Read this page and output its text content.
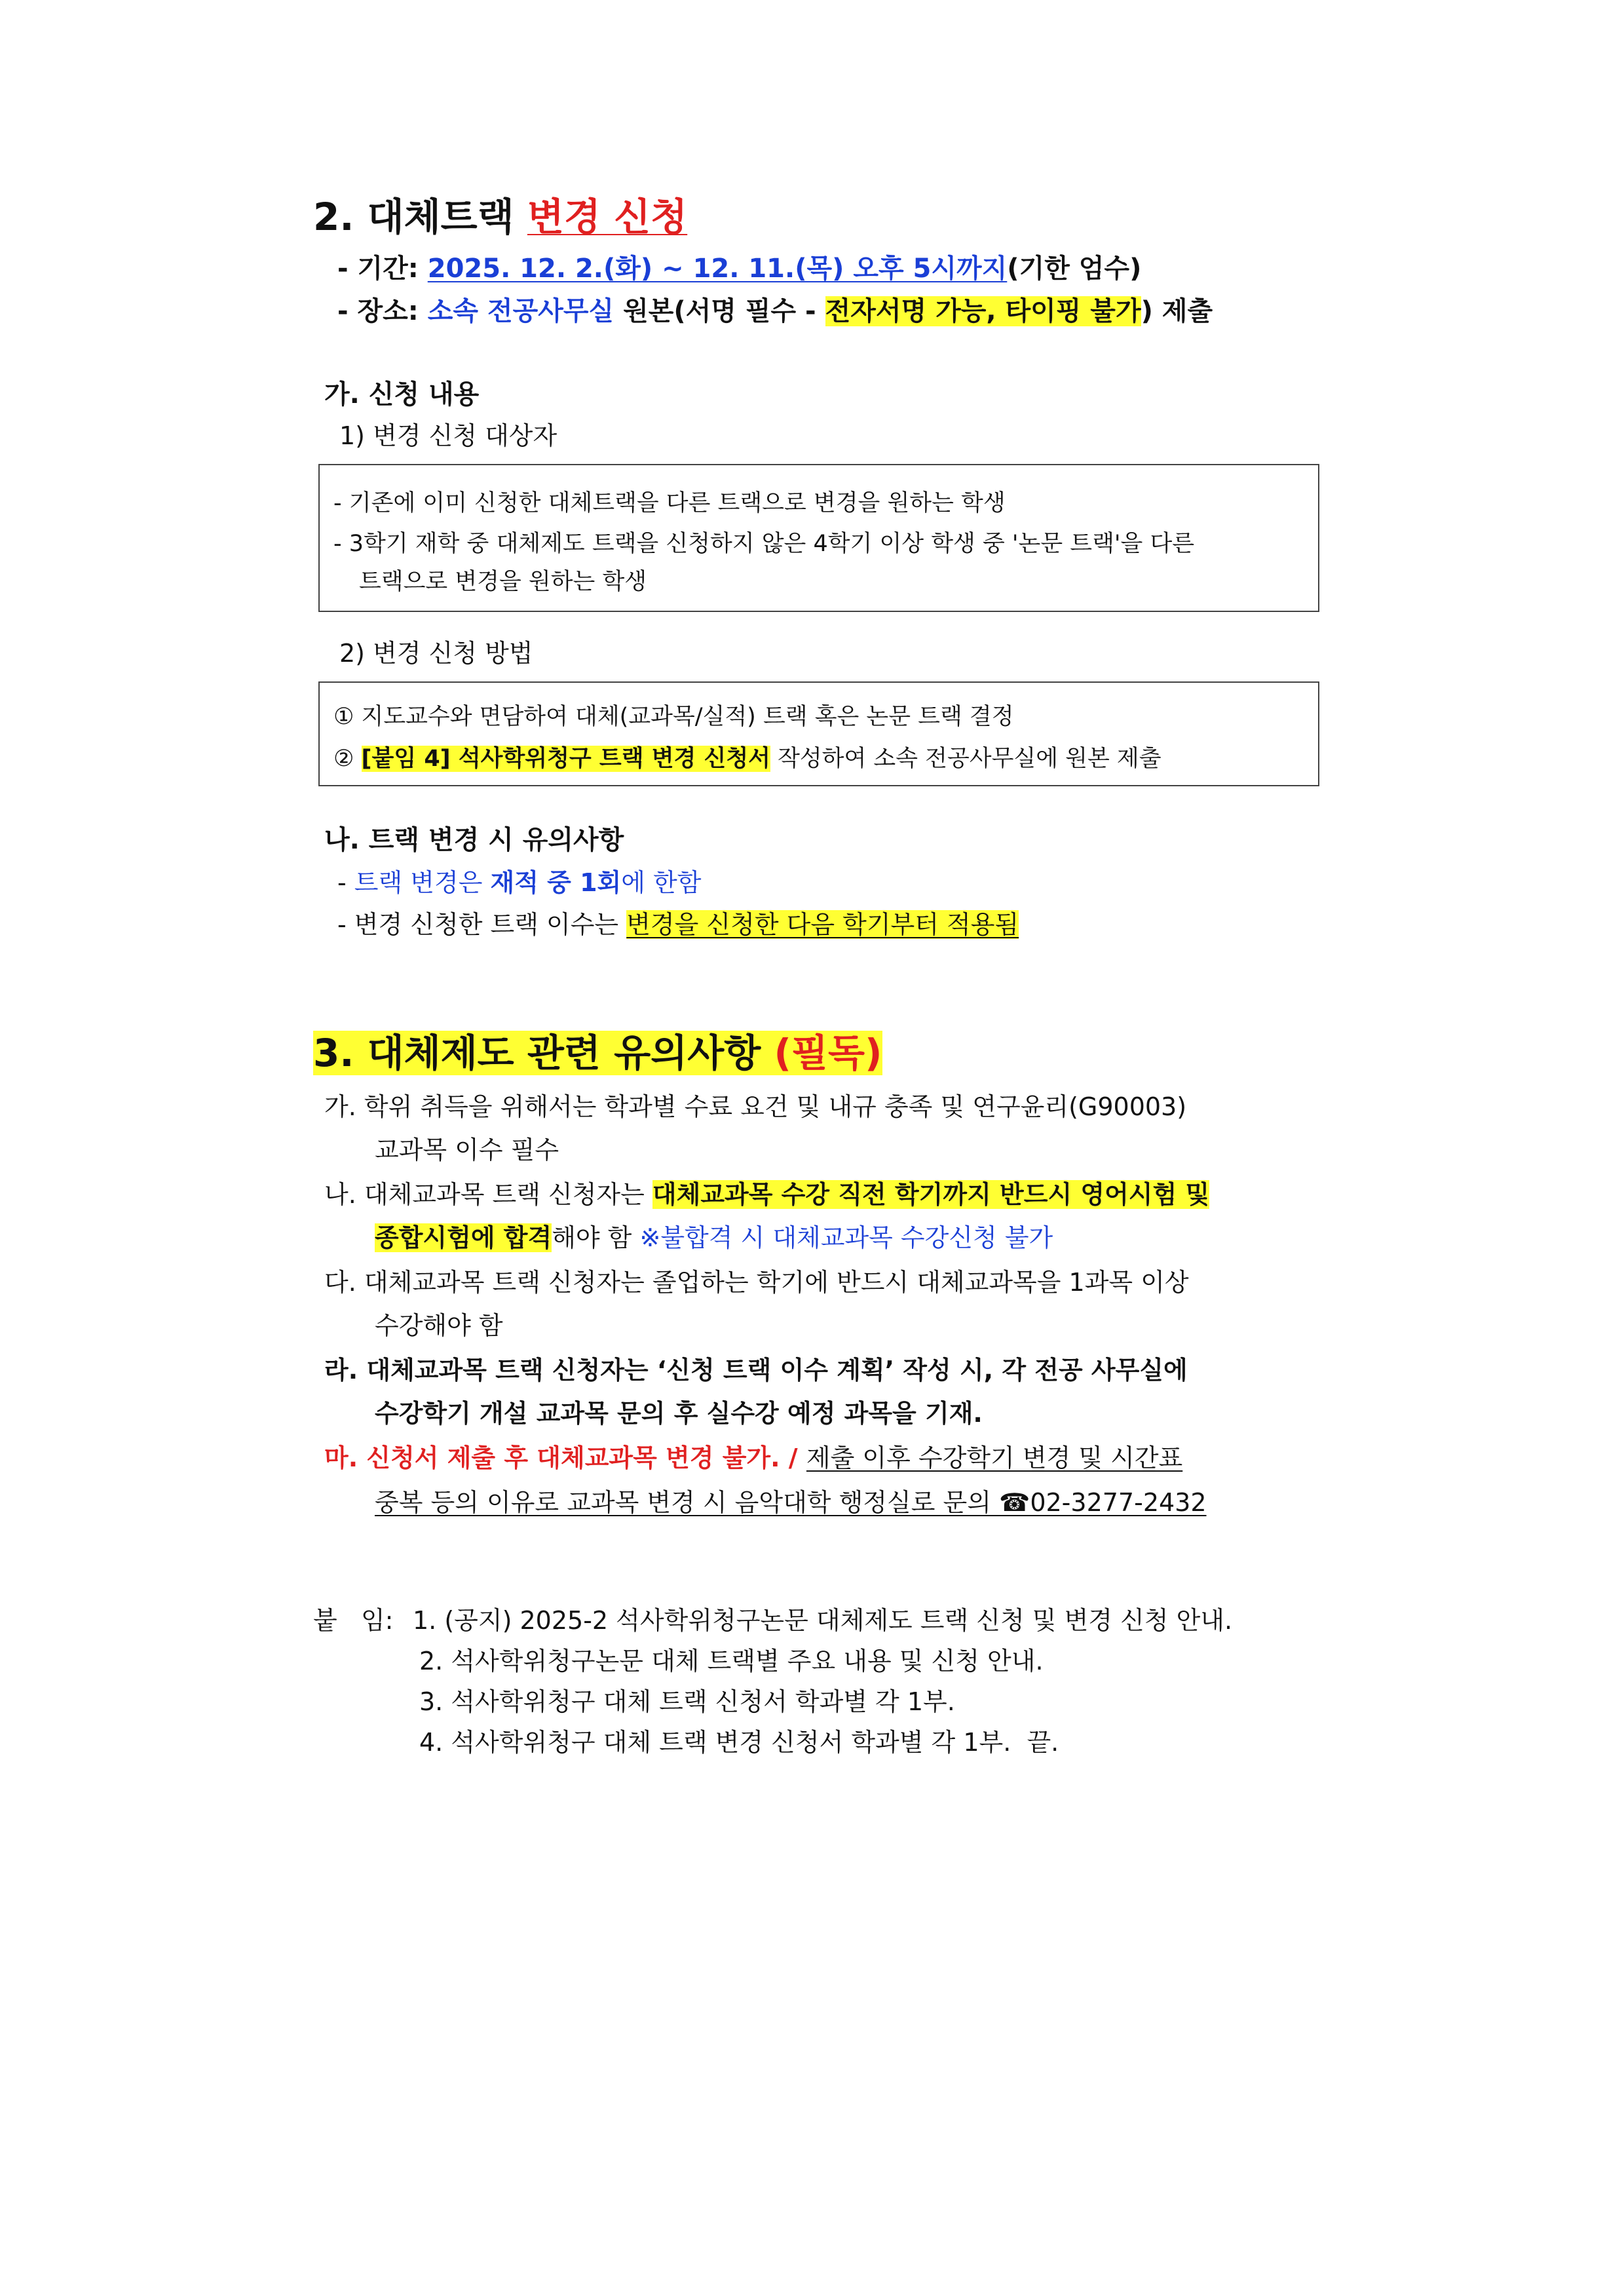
2. 대체트랙 변경 신청
- 기간: 2025. 12. 2.(화) ~ 12. 11.(목) 오후 5시까지(기한 엄수)
- 장소: 소속 전공사무실 원본(서명 필수 - 전자서명 가능, 타이핑 불가) 제출
가. 신청 내용
1) 변경 신청 대상자
- 기존에 이미 신청한 대체트랙을 다른 트랙으로 변경을 원하는 학생
- 3학기 재학 중 대체제도 트랙을 신청하지 않은 4학기 이상 학생 중 '논문 트랙'을 다른
트랙으로 변경을 원하는 학생
2) 변경 신청 방법
① 지도교수와 면담하여 대체(교과목/실적) 트랙 혹은 논문 트랙 결정
② [붙임 4] 석사학위청구 트랙 변경 신청서 작성하여 소속 전공사무실에 원본 제출
나. 트랙 변경 시 유의사항
- 트랙 변경은 재적 중 1회에 한함
- 변경 신청한 트랙 이수는 변경을 신청한 다음 학기부터 적용됨
3. 대체제도 관련 유의사항 (필독)
가. 학위 취득을 위해서는 학과별 수료 요건 및 내규 충족 및 연구윤리(G90003)
교과목 이수 필수
나. 대체교과목 트랙 신청자는 대체교과목 수강 직전 학기까지 반드시 영어시험 및
종합시험에 합격해야 함 ※불합격 시 대체교과목 수강신청 불가
다. 대체교과목 트랙 신청자는 졸업하는 학기에 반드시 대체교과목을 1과목 이상
수강해야 함
라. 대체교과목 트랙 신청자는 ‘신청 트랙 이수 계획’ 작성 시, 각 전공 사무실에
수강학기 개설 교과목 문의 후 실수강 예정 과목을 기재.
마. 신청서 제출 후 대체교과목 변경 불가. / 제출 이후 수강학기 변경 및 시간표
중복 등의 이유로 교과목 변경 시 음악대학 행정실로 문의 ☎02-3277-2432
붙   임: 1. (공지) 2025-2 석사학위청구논문 대체제도 트랙 신청 및 변경 신청 안내.
2. 석사학위청구논문 대체 트랙별 주요 내용 및 신청 안내.
3. 석사학위청구 대체 트랙 신청서 학과별 각 1부.
4. 석사학위청구 대체 트랙 변경 신청서 학과별 각 1부.  끝.
